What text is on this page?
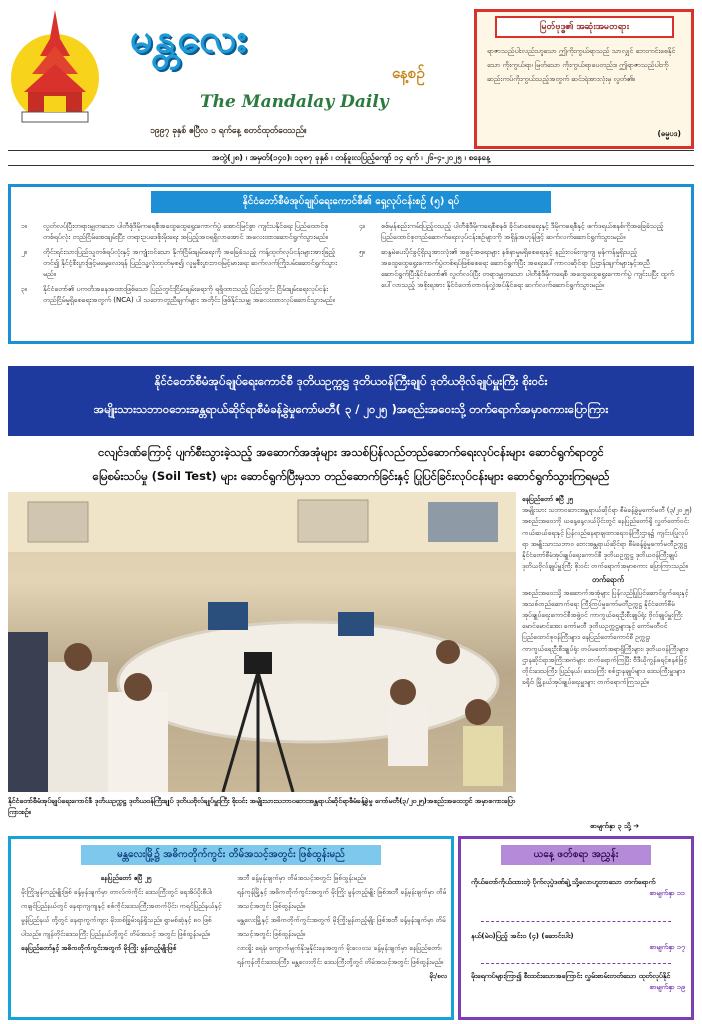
မန္တလေး
နေ့စဉ်
The Mandalay Daily
၁၉၉၇ ခုနှစ် ဧပြီလ ၁ ရက်နေ့ စတင်ထုတ်ဝေသည်။
မြတ်ဗုဒ္ဓ၏ အဆုံးအမတရား
ရာဇာသည်ပါးလည်းဟူသော ဤကိုးကွယ်ရာသည် သာလျှင် ဘေးကင်းစေနိုင်သော ကိုးကွယ်ရာ၊ မြတ်သော ကိုးကွယ်ရာပေတည်း။ ဤရာဇာသည်ပါးကို ဆည်းကပ်ကိုးကွယ်သည့်အတွက် ဆင်းရဲအားလုံးမှ လွတ်၏။
(ဓမ္မပဒ)
အတွဲ(၂၈) ၊ အမှတ်(၁၄၀)၊ ၁၃၈၇ ခုနှစ် ၊ တန်ခူးလပြည့်ကျော် ၁၄ ရက် ၊ ၂၆-၄-၂၀၂၅ ၊ စနေနေ့
နိုင်ငံတော်စီမံအုပ်ချုပ်ရေးကောင်စီ၏ ရှေ့လုပ်ငန်းစဉ် (၅) ရပ်
၁။	လွတ်လပ်ပြီးတရားမျှတသော ပါတီစုံဒီမိုကရေစီအထွေထွေရွေးကောက်ပွဲ အောင်မြင်စွာ ကျင်းပနိုင်ရေး ပြည်ထောင်စုတစ်ရပ်လုံး တည်ငြိမ်အေးချမ်းပြီး တရားဥပဒေစိုးမိုးရေး အပြည့်အဝရရှိလာအောင် အလေးထားဆောင်ရွက်သွားမည်။
၂။	တိုင်းရင်းသားပြည်သူတစ်ရပ်လုံးနှင့် အကျုံးဝင်သော နိုက်ငြိမ်းချမ်းရေးကို အခြေခံသည့် ကန့်ထုတ်လုပ်ငန်းများအားဖြည့်တင်၍ နိုင်ငံ့စီးပွားဖြင့်မမှေ့လေးရန် ပြည်သူ့လုံးထုတ်မှစ၍ လူမှုစီးပွားဘဝမြင့်မားရေး ဆက်လက်ကြိုးပမ်းဆောင်ရွက်သွားမည်။
၃။	နိုင်ငံတော်၏ ပကတိအနေအထားဖြစ်သော ပြည်တွင်းငြိမ်းချမ်းရေးကို ရရှိထားသည့် ပြည်တွင်း ငြိမ်းချမ်းရေးလုပ်ငန်း တည်ငြိမ်မှုရှိစေရေးအတွက် (NCA) ပါ သဘောတူညီချက်များ အတိုင်း ဖြစ်နိုင်သမျှ အလေးထားလုပ်ဆောင်သွားမည်။
၄။	စစ်မှန်စည်းကမ်းပြည့်ဝသည့် ပါတီစုံဒီမိုကရေစီစနစ် ခိုင်မာစေရေးနှင့် ဒီမိုကရေစီနှင့် ဖက်ဒရယ်စနစ်ကိုအခြေခံသည့် ပြည်ထောင်စုတည်ဆောက်ရေးလုပ်ငန်းစဉ်များကို အရှိန်အဟုန်ဖြင့် ဆက်လက်ဆောင်ရွက်သွားမည်။
၅။	ဆန္ဒမဲပေးပိုင်ခွင့်ရှိသူအားလုံး၏ အခွင့်အရေးများ နစ်နာမှုမရှိစေရေးနှင့် နည်းလမ်းကျကျ မှန်ကန်မှုရှိသည့် အထွေထွေရွေးကောက်ပွဲတစ်ရပ်ဖြစ်စေရေး ဆောင်ရွက်ပြီး အရေးပေါ်ကာလဆိုင်ရာ ပြဌာန်းချက်များနှင့်အညီ ဆောင်ရွက်ပြီးနိုင်ငံတော်၏ လွတ်လပ်ပြီး တရားမျှတသော ပါတီစုံဒီမိုကရေစီ အထွေထွေရွေးကောက်ပွဲ ကျင်းပပြီး ထွက်ပေါ်လာသည့် အစိုးရအား နိုင်ငံတော်တာဝန်လွှဲအပ်နိုင်ရေး ဆက်လက်ဆောင်ရွက်သွားမည်။
နိုင်ငံတော်စီမံအုပ်ချုပ်ရေးကောင်စီ ဒုတိယဥက္ကဋ္ဌ ဒုတိယဝန်ကြီးချုပ် ဒုတိယဗိုလ်ချုပ်မှူးကြီး စိုးဝင်း
အမျိုးသားသဘာဝဘေးအန္တရာယ်ဆိုင်ရာစီမံခန့်ခွဲမှုကော်မတီ( ၃ / ၂၀၂၅ )အစည်းအဝေးသို့ တက်ရောက်အမှာစကားပြောကြား
ငလျင်ဒဏ်ကြောင့် ပျက်စီးသွားခဲ့သည့် အဆောက်အအုံများ အသစ်ပြန်လည်တည်ဆောက်ရေးလုပ်ငန်းများ ဆောင်ရွက်ရာတွင်
မြေစမ်းသပ်မှု (Soil Test) များ ဆောင်ရွက်ပြီးမှသာ တည်ဆောက်ခြင်းနှင့် ပြုပြင်ခြင်းလုပ်ငန်းများ ဆောင်ရွက်သွားကြရမည်
နိုင်ငံတော်စီမံအုပ်ချုပ်ရေးကောင်စီ ဒုတိယဥက္ကဋ္ဌ ဒုတိယဝန်ကြီးချုပ် ဒုတိယဗိုလ်ချုပ်မှူးကြီး စိုးဝင်း အမျိုးသားသဘာဝဘေးအန္တရာယ်ဆိုင်ရာစီမံခန့်ခွဲမှု ကော်မတီ(၃/၂၀၂၅)အစည်းအဝေးတွင် အမှာစကားပြောကြားစဉ်။
နေပြည်တော် ဧပြီ ၂၅
အမျိုးသား သဘာဝဘေးအန္တရာယ်ဆိုင်ရာ စီမံခန့်ခွဲမှုကော်မတီ (၃/၂၀၂၅) အစည်းအဝေးကို ယနေ့နေ့လယ်ပိုင်းတွင် နေပြည်တော်ရှိ လွှတ်တော်ဝင်းကယ်ဆယ်ရေးနှင့် ပြန်လည်နေရာချထားရေးဝန်ကြီးဌာန၌ ကျင်းပပြုလုပ်ရာ အမျိုးသားသဘာဝ ဘေးအန္တရာယ်ဆိုင်ရာ စီမံခန့်ခွဲမှုကော်မတီဥက္ကဋ္ဌ နိုင်ငံတော်စီမံအုပ်ချုပ်ရေးကောင်စီ ဒုတိယဥက္ကဋ္ဌ ဒုတိယဝန်ကြီးချုပ် ဒုတိယဗိုလ်ချုပ်မှူးကြီး စိုးဝင်း တက်ရောက်အမှာစကား ပြောကြားသည်။
တက်ရောက်
အစည်းအဝေးသို့ အဆောက်အအုံများ ပြန်လည်ပြုပြင်ဆောင်ရွက်ရေးနှင့် အသစ်တည်ဆောက်ရေး ကြီးကြပ်မှုကော်မတီဥက္ကဋ္ဌ နိုင်ငံတော်စီမံအုပ်ချုပ်ရေးကောင်စီအဖွဲ့ဝင် ကာကွယ်ရေးဦးစီးချုပ်ရုံး ဗိုလ်ချုပ်မှူးကြီး မောင်မောင်အေး၊ ကော်မတီ ဒုတိယဥက္ကဋ္ဌများနှင့် ကော်မတီဝင် ပြည်ထောင်စုဝန်ကြီးများ၊ နေပြည်တော်ကောင်စီ ဥက္ကဋ္ဌ၊ ကာကွယ်ရေးဦးစီးချုပ်ရုံး တပ်မတော်အရာရှိကြီးများ၊ ဒုတိယဝန်ကြီးများ၊ ဌာနဆိုင်ရာအကြီးအကဲများ တက်ရောက်ကြပြီး ဗီဒီယိုကွန်ဖရင့်စနစ်ဖြင့် တိုင်းဒေသကြီး၊ ပြည်နယ်၊ ဒေသကြီး စစ်ဌာနချုပ်များ၊ ဒေသကြီးမှူးများ၊ ခရိုင်၊ မြို့နယ်အုပ်ချုပ်ရေးမှူးများ တက်ရောက်ကြသည်။
စာမျက်နှာ ၃ သို့ ➔
မန္တလေးမြို့၌ အဓိကတိုက်ကွင်း တိမ်အသင့်အတွင်း ဖြစ်ထွန်းမည်
နေပြည်တော် ဧပြီ ၂၅
မိုးကြိုးမွန်တည့်မျိုးဖြစ် ခန့်မှန်းချက်မှာ တာလ်ကဲကိုင်း ဒေသကြီးတွင် ရေအိပ်ပိုးစီပါ၊ ကချင်ပြည်နယ်တွင် နေရာကျကျနှင့် စစ်ကိုင်းဒေသကြီးအတက်ပိုင်း၊ ကရင်ပြည်နယ်နှင့် မွန်ပြည်နယ် တို့တွင် နေရာကွက်ကျား မိုးထစ်ခြွမ်းရန်ရှိသည်။ ရွာမစ်ဆုံနှင့် ၈၀ ဖြစ်ပါသည်။ ကျန်တိုင်းဒေသကြီး ပြည်နယ်တို့တွင် တိမ်အသင့် အတွင်း ဖြစ်ထွန်းမည်။
နေပြည်တော်နှင့် အဓိကတိုက်ကွင်းအတွက် မိုးကြိုး မွန်တည့်မျိုးဖြစ်
အဘီ ခန့်မှန်းချက်မှာ တိမ်အသင့်အတွင်း ဖြစ်ထွန်းမည်။
ရန်ကုန်မြို့နှင့် အဓိကတိုက်ကွင်းအတွက် မိုးကြိုး မွန်တည့်မျိုး ဖြစ်အဘီ ခန့်မှန်းချက်မှာ တိမ်အသင့်အတွင်း ဖြစ်ထွန်းမည်။
မန္တလေးမြို့နှင့် အဓိကတိုက်ကွင်းအတွက် မိုးကြိုးမွန်တည့်မျိုး ဖြစ်အဘီ ခန့်မှန်းချက်မှာ တိမ်အသင့်အတွင်း ဖြစ်ထွန်းမည်။
လားရှိုး ရေနံ၊ ကျောက်မျက်နိုးမှုနိုင်းနေအတွက် မိုးလေဝသ ခန့်မှန်းချက်မှာ နေပြည်တော်၊ ရန်ကုန်တိုင်းဒေသကြီး၊ မန္တလေးတိုင်း ဒေသကြီးတို့တွင် တိမ်အသင့်အတွင်း ဖြစ်ထွန်းမည်။
မိုး/စလ
ယနေ့ ဖတ်စရာ အညွှန်း
ကိုယ်တော်ကိုယ်ထားတဲ့ ပိုက်လုပ္ပဲဒဏ်ချဲ့ သို့လောဟူဘာသော တက်ရောက်
စာမျက်နှာ ၁၁
နယ်(မဲဝ)ပြည့် အင်း၀ (၄) (ဆောင်းပါး)
စာမျက်နှာ ၁၇
မိုးရေကပ်များကြာ၍ စီးထင်းသောအကြောင်း လွှမ်းစာမ်းတတ်သော ထုတ်လုပ်နိုင်
စာမျက်နှာ ၁၉
